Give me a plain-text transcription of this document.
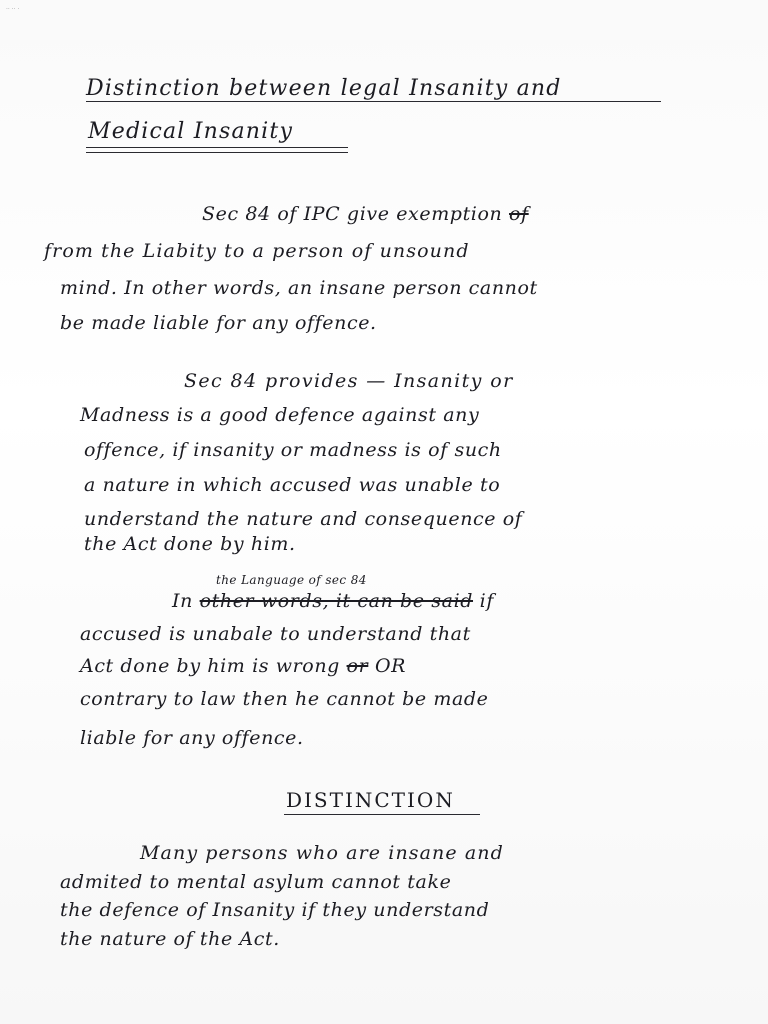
·· ·· ·
Distinction between legal Insanity and
Medical Insanity
Sec 84 of IPC give exemption of
from the Liabity to a person of unsound
mind. In other words, an insane person cannot
be made liable for any offence.
Sec 84 provides — Insanity or
Madness is a good defence against any
offence, if insanity or madness is of such
a nature in which accused was unable to
understand the nature and consequence of
the Act done by him.
the Language of sec 84
In other words, it can be said if
accused is unabale to understand that
Act done by him is wrong or OR
contrary to law then he cannot be made
liable for any offence.
DISTINCTION
Many persons who are insane and
admited to mental asylum cannot take
the defence of Insanity if they understand
the nature of the Act.
